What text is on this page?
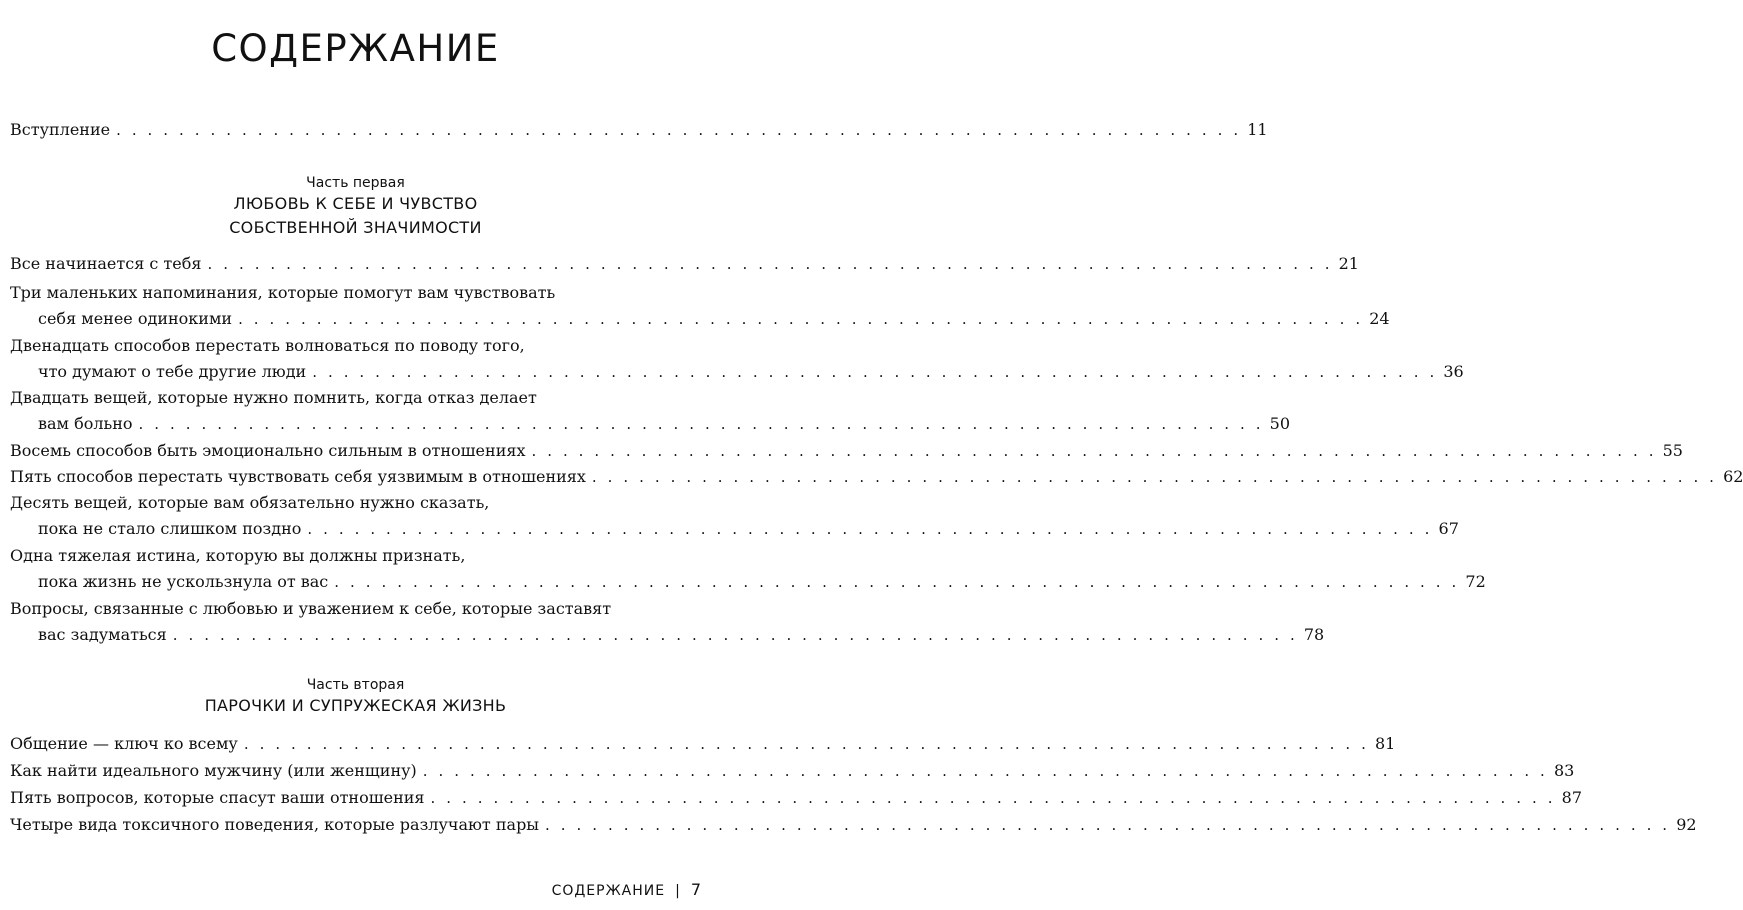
СОДЕРЖАНИЕ
Вступление . . . . . . . . . . . . . . . . . . . . . . . . . . . . . . . . . . . . . . . . . . . . . . . . . . . . . . . . . . . . . . . . . . . . . . . . 11
Часть первая
ЛЮБОВЬ К СЕБЕ И ЧУВСТВО
СОБСТВЕННОЙ ЗНАЧИМОСТИ
Все начинается с тебя . . . . . . . . . . . . . . . . . . . . . . . . . . . . . . . . . . . . . . . . . . . . . . . . . . . . . . . . . . . . . . . . . . . . . . . . 21
Три маленьких напоминания, которые помогут вам чувствовать
себя менее одинокими . . . . . . . . . . . . . . . . . . . . . . . . . . . . . . . . . . . . . . . . . . . . . . . . . . . . . . . . . . . . . . . . . . . . . . . . 24
Двенадцать способов перестать волноваться по поводу того,
что думают о тебе другие люди . . . . . . . . . . . . . . . . . . . . . . . . . . . . . . . . . . . . . . . . . . . . . . . . . . . . . . . . . . . . . . . . . . . . . . . . 36
Двадцать вещей, которые нужно помнить, когда отказ делает
вам больно . . . . . . . . . . . . . . . . . . . . . . . . . . . . . . . . . . . . . . . . . . . . . . . . . . . . . . . . . . . . . . . . . . . . . . . . 50
Восемь способов быть эмоционально сильным в отношениях . . . . . . . . . . . . . . . . . . . . . . . . . . . . . . . . . . . . . . . . . . . . . . . . . . . . . . . . . . . . . . . . . . . . . . . . 55
Пять способов перестать чувствовать себя уязвимым в отношениях . . . . . . . . . . . . . . . . . . . . . . . . . . . . . . . . . . . . . . . . . . . . . . . . . . . . . . . . . . . . . . . . . . . . . . . . 62
Десять вещей, которые вам обязательно нужно сказать,
пока не стало слишком поздно . . . . . . . . . . . . . . . . . . . . . . . . . . . . . . . . . . . . . . . . . . . . . . . . . . . . . . . . . . . . . . . . . . . . . . . . 67
Одна тяжелая истина, которую вы должны признать,
пока жизнь не ускользнула от вас . . . . . . . . . . . . . . . . . . . . . . . . . . . . . . . . . . . . . . . . . . . . . . . . . . . . . . . . . . . . . . . . . . . . . . . . 72
Вопросы, связанные с любовью и уважением к себе, которые заставят
вас задуматься . . . . . . . . . . . . . . . . . . . . . . . . . . . . . . . . . . . . . . . . . . . . . . . . . . . . . . . . . . . . . . . . . . . . . . . . 78
Часть вторая
ПАРОЧКИ И СУПРУЖЕСКАЯ ЖИЗНЬ
Общение — ключ ко всему . . . . . . . . . . . . . . . . . . . . . . . . . . . . . . . . . . . . . . . . . . . . . . . . . . . . . . . . . . . . . . . . . . . . . . . . 81
Как найти идеального мужчину (или женщину) . . . . . . . . . . . . . . . . . . . . . . . . . . . . . . . . . . . . . . . . . . . . . . . . . . . . . . . . . . . . . . . . . . . . . . . . 83
Пять вопросов, которые спасут ваши отношения . . . . . . . . . . . . . . . . . . . . . . . . . . . . . . . . . . . . . . . . . . . . . . . . . . . . . . . . . . . . . . . . . . . . . . . . 87
Четыре вида токсичного поведения, которые разлучают пары . . . . . . . . . . . . . . . . . . . . . . . . . . . . . . . . . . . . . . . . . . . . . . . . . . . . . . . . . . . . . . . . . . . . . . . . 92
СОДЕРЖАНИЕ | 7
